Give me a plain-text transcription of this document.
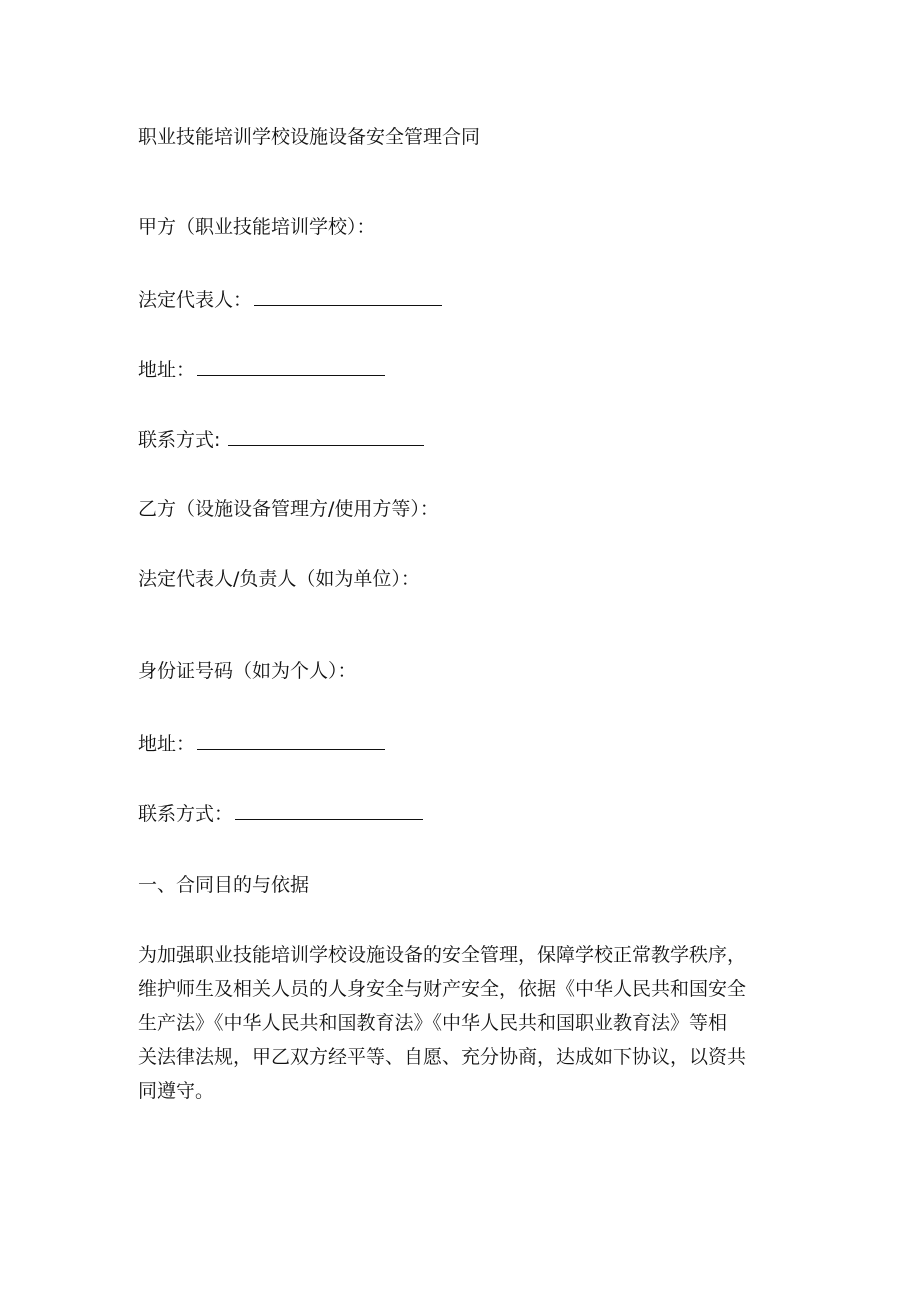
职业技能培训学校设施设备安全管理合同
甲方（职业技能培训学校）：
法定代表人：
地址：
联系方式:
乙方（设施设备管理方/使用方等）：
法定代表人/负责人（如为单位）：
身份证号码（如为个人）：
地址：
联系方式：
一、合同目的与依据
为加强职业技能培训学校设施设备的安全管理，保障学校正常教学秩序，
维护师生及相关人员的人身安全与财产安全，依据《中华人民共和国安全
生产法》《中华人民共和国教育法》《中华人民共和国职业教育法》等相
关法律法规，甲乙双方经平等、自愿、充分协商，达成如下协议，以资共
同遵守。
